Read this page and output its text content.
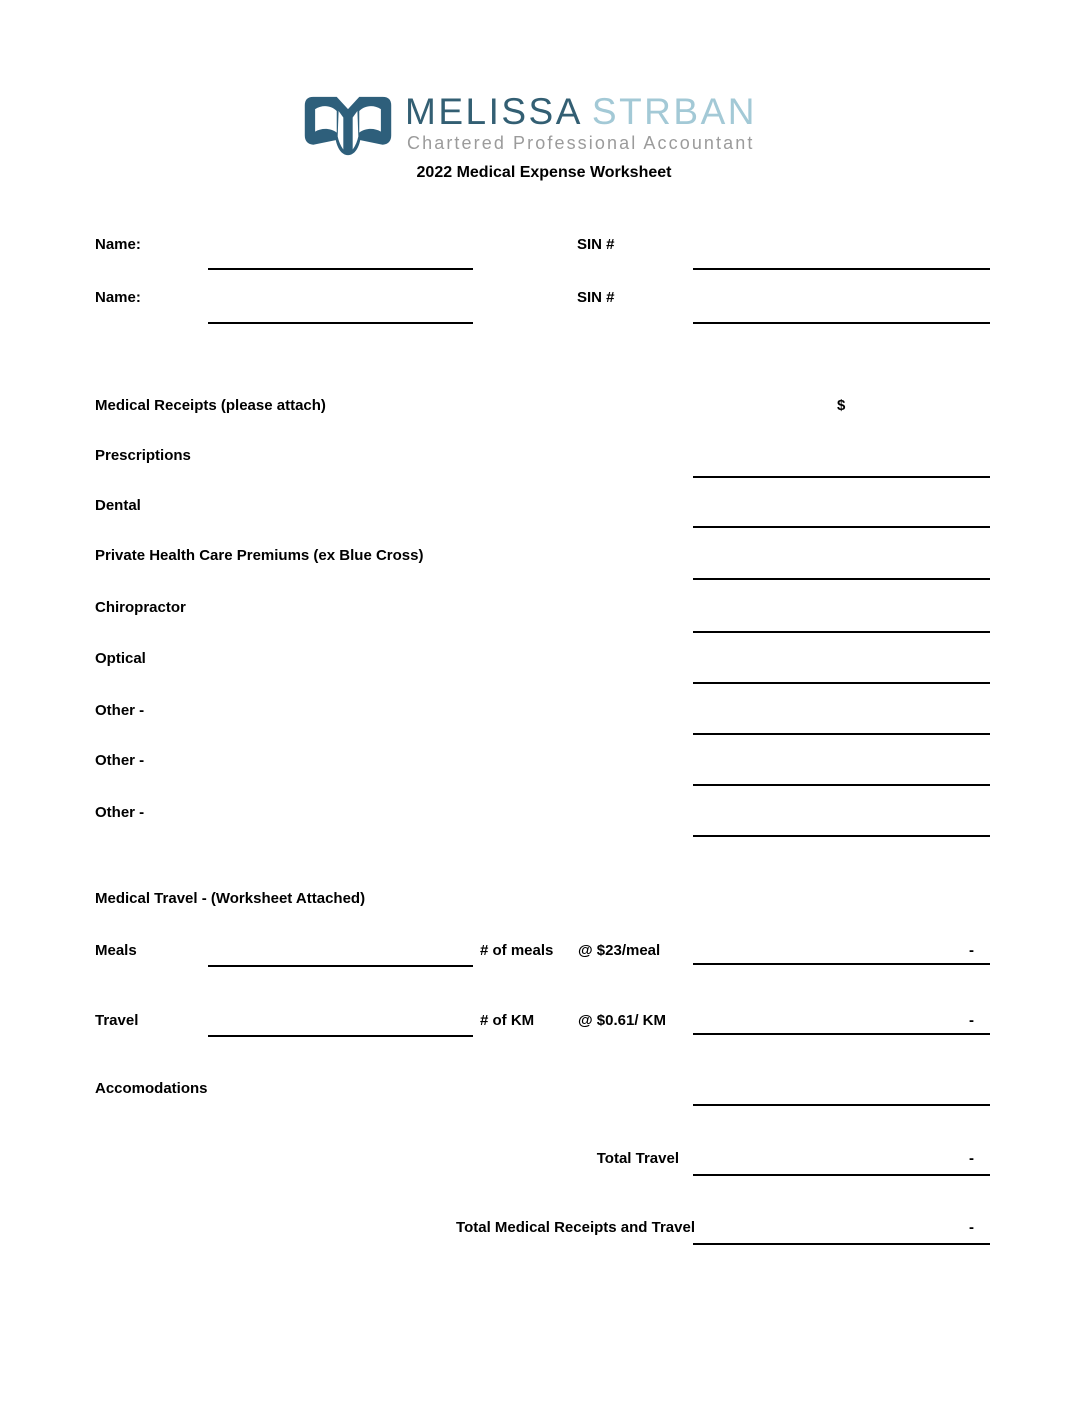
MELISSA STRBAN
Chartered Professional Accountant
2022 Medical Expense Worksheet
Name:	SIN #
Name:	SIN #
Medical Receipts (please attach)	$
Prescriptions
Dental
Private Health Care Premiums (ex Blue Cross)
Chiropractor
Optical
Other -
Other -
Other -
Medical Travel - (Worksheet Attached)
Meals	# of meals @ $23/meal	-
Travel	# of KM	@ $0.61/ KM	-
Accomodations
Total Travel	-
Total Medical Receipts and Travel	-
